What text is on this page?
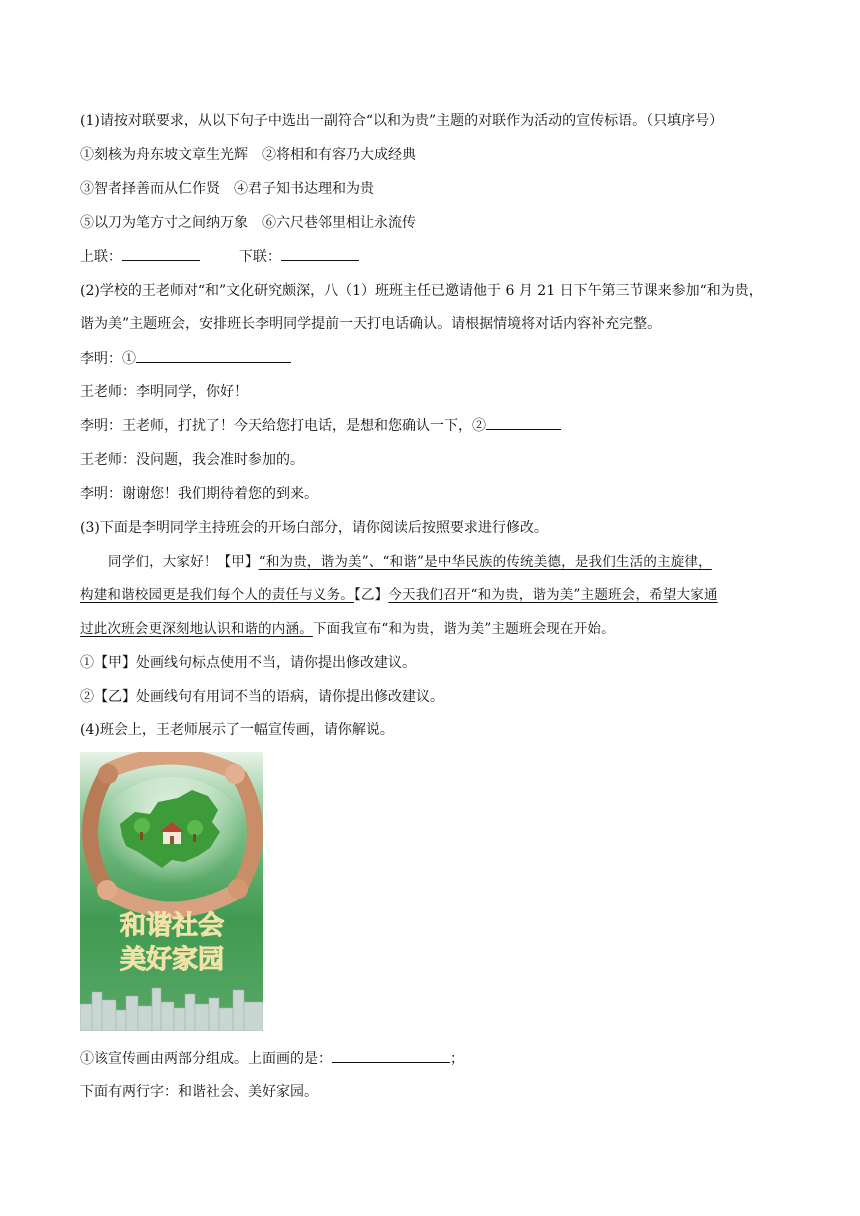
(1)请按对联要求，从以下句子中选出一副符合“以和为贵”主题的对联作为活动的宣传标语。（只填序号）
①刻核为舟东坡文章生光辉　②将相和有容乃大成经典
③智者择善而从仁作贤　④君子知书达理和为贵
⑤以刀为笔方寸之间纳万象　⑥六尺巷邻里相让永流传
上联：	下联：
(2)学校的王老师对“和”文化研究颇深，八（1）班班主任已邀请他于 6 月 21 日下午第三节课来参加“和为贵，
谐为美”主题班会，安排班长李明同学提前一天打电话确认。请根据情境将对话内容补充完整。
李明：①
王老师：李明同学，你好！
李明：王老师，打扰了！今天给您打电话，是想和您确认一下，②
王老师：没问题，我会准时参加的。
李明：谢谢您！我们期待着您的到来。
(3)下面是李明同学主持班会的开场白部分，请你阅读后按照要求进行修改。
同学们，大家好！【甲】“和为贵，谐为美”、“和谐”是中华民族的传统美德，是我们生活的主旋律，
构建和谐校园更是我们每个人的责任与义务。【乙】今天我们召开“和为贵，谐为美”主题班会，希望大家通
过此次班会更深刻地认识和谐的内涵。下面我宣布“和为贵，谐为美”主题班会现在开始。
①【甲】处画线句标点使用不当，请你提出修改建议。
②【乙】处画线句有用词不当的语病，请你提出修改建议。
(4)班会上，王老师展示了一幅宣传画，请你解说。
和谐社会
美好家园
①该宣传画由两部分组成。上面画的是：	；
下面有两行字：和谐社会、美好家园。
